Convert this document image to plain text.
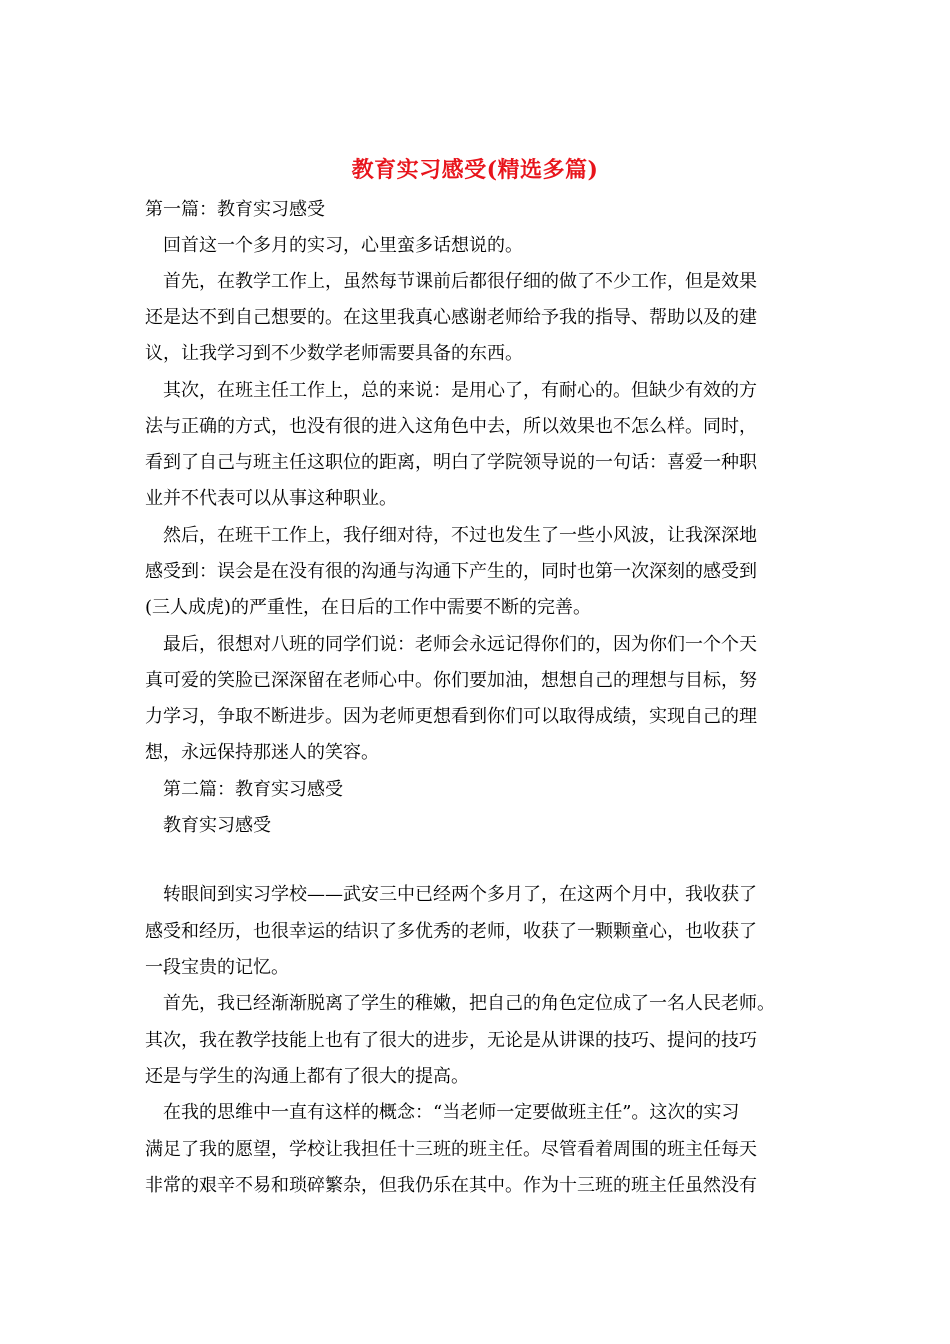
教育实习感受(精选多篇)
第一篇：教育实习感受
　回首这一个多月的实习，心里蛮多话想说的。
　首先，在教学工作上，虽然每节课前后都很仔细的做了不少工作，但是效果
还是达不到自己想要的。在这里我真心感谢老师给予我的指导、帮助以及的建
议，让我学习到不少数学老师需要具备的东西。
　其次，在班主任工作上，总的来说：是用心了，有耐心的。但缺少有效的方
法与正确的方式，也没有很的进入这角色中去，所以效果也不怎么样。同时，
看到了自己与班主任这职位的距离，明白了学院领导说的一句话：喜爱一种职
业并不代表可以从事这种职业。
　然后，在班干工作上，我仔细对待，不过也发生了一些小风波，让我深深地
感受到：误会是在没有很的沟通与沟通下产生的，同时也第一次深刻的感受到
(三人成虎)的严重性，在日后的工作中需要不断的完善。
　最后，很想对八班的同学们说：老师会永远记得你们的，因为你们一个个天
真可爱的笑脸已深深留在老师心中。你们要加油，想想自己的理想与目标，努
力学习，争取不断进步。因为老师更想看到你们可以取得成绩，实现自己的理
想，永远保持那迷人的笑容。
　第二篇：教育实习感受
　教育实习感受
　转眼间到实习学校——武安三中已经两个多月了，在这两个月中，我收获了
感受和经历，也很幸运的结识了多优秀的老师，收获了一颗颗童心，也收获了
一段宝贵的记忆。
　首先，我已经渐渐脱离了学生的稚嫩，把自己的角色定位成了一名人民老师。
其次，我在教学技能上也有了很大的进步，无论是从讲课的技巧、提问的技巧
还是与学生的沟通上都有了很大的提高。
　在我的思维中一直有这样的概念：“当老师一定要做班主任”。这次的实习
满足了我的愿望，学校让我担任十三班的班主任。尽管看着周围的班主任每天
非常的艰辛不易和琐碎繁杂，但我仍乐在其中。作为十三班的班主任虽然没有
